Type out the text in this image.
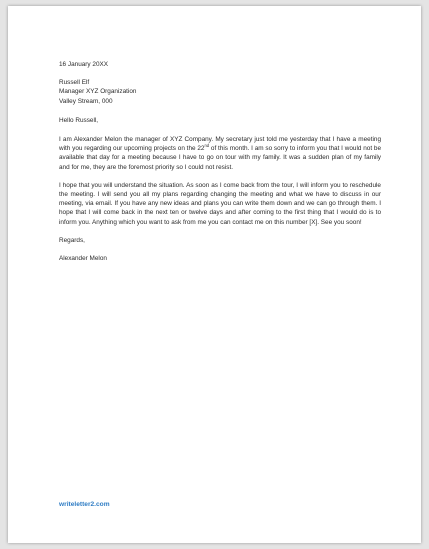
16 January 20XX

Russell Elf
Manager XYZ Organization
Valley Stream, 000

Hello Russell,

I am Alexander Melon the manager of XYZ Company. My secretary just told me yesterday that I have a meeting with you regarding our upcoming projects on the 22nd of this month. I am so sorry to inform you that I would not be available that day for a meeting because I have to go on tour with my family. It was a sudden plan of my family and for me, they are the foremost priority so I could not resist.

I hope that you will understand the situation. As soon as I come back from the tour, I will inform you to reschedule the meeting. I will send you all my plans regarding changing the meeting and what we have to discuss in our meeting, via email. If you have any new ideas and plans you can write them down and we can go through them. I hope that I will come back in the next ten or twelve days and after coming to the first thing that I would do is to inform you. Anything which you want to ask from me you can contact me on this number [X]. See you soon!

Regards,

Alexander Melon

writeletter2.com
